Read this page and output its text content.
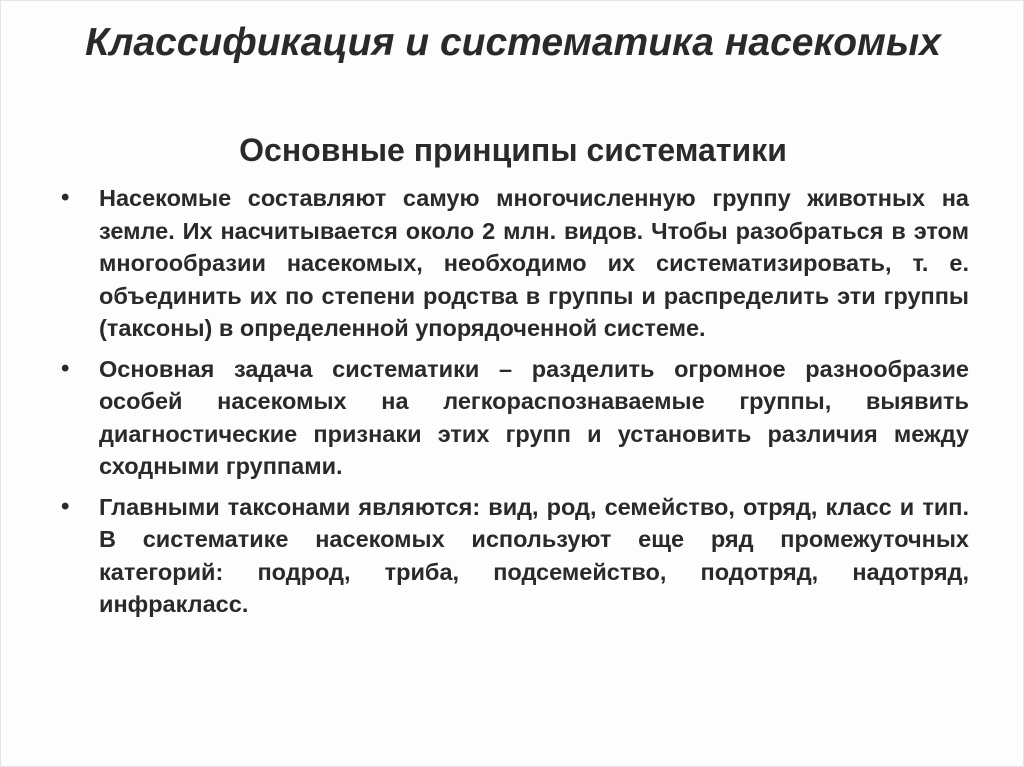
Классификация и систематика насекомых
Основные принципы систематики
• Насекомые составляют самую многочисленную группу животных на земле. Их насчитывается около 2 млн. видов. Чтобы разобраться в этом многообразии насекомых, необходимо их систематизировать, т. е. объединить их по степени родства в группы и распределить эти группы (таксоны) в определенной упорядоченной системе.
• Основная задача систематики – разделить огромное разнообразие особей насекомых на легкораспознаваемые группы, выявить диагностические признаки этих групп и установить различия между сходными группами.
• Главными таксонами являются: вид, род, семейство, отряд, класс и тип. В систематике насекомых используют еще ряд промежуточных категорий: подрод, триба, подсемейство, подотряд, надотряд, инфракласс.
